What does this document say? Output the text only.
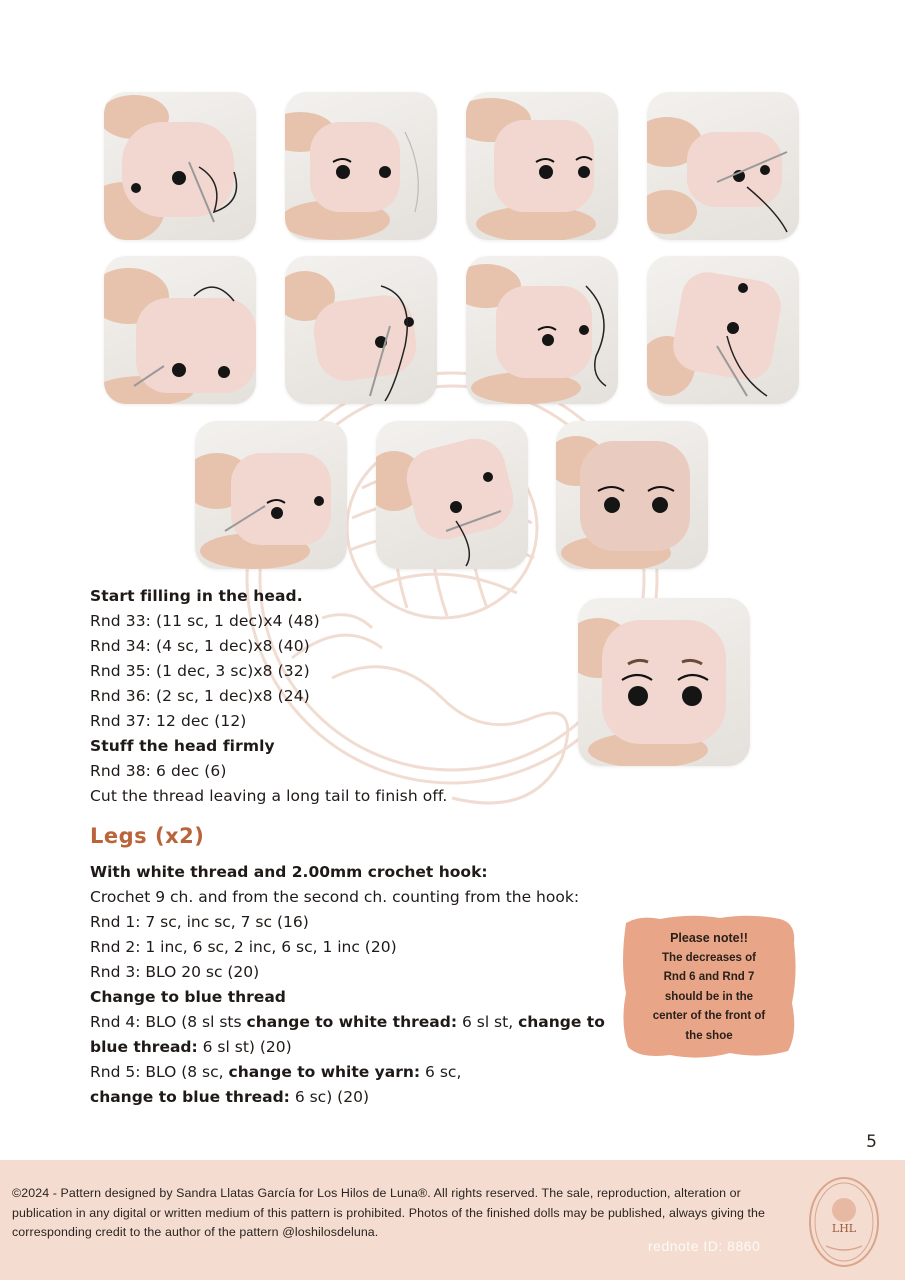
Start filling in the head.
Rnd 33: (11 sc, 1 dec)x4 (48)
Rnd 34: (4 sc, 1 dec)x8 (40)
Rnd 35: (1 dec, 3 sc)x8 (32)
Rnd 36: (2 sc, 1 dec)x8 (24)
Rnd 37: 12 dec (12)
Stuff the head firmly
Rnd 38: 6 dec (6)
Cut the thread leaving a long tail to finish off.
Legs (x2)
With white thread and 2.00mm crochet hook:
Crochet 9 ch. and from the second ch. counting from the hook:
Rnd 1: 7 sc, inc sc, 7 sc (16)
Rnd 2: 1 inc, 6 sc, 2 inc, 6 sc, 1 inc (20)
Rnd 3: BLO 20 sc (20)
Change to blue thread
Rnd 4: BLO (8 sl sts change to white thread: 6 sl st, change to
blue thread: 6 sl st) (20)
Rnd 5: BLO (8 sc, change to white yarn: 6 sc,
change to blue thread: 6 sc) (20)
Please note!!
The decreases of
Rnd 6 and Rnd 7
should be in the
center of the front of
the shoe
5
©2024 - Pattern designed by Sandra Llatas García for Los Hilos de Luna®. All rights reserved. The sale, reproduction, alteration or publication in any digital or written medium of this pattern is prohibited. Photos of the finished dolls may be published, always giving the corresponding credit to the author of the pattern @loshilosdeluna.	LHL
rednote ID: 8860
